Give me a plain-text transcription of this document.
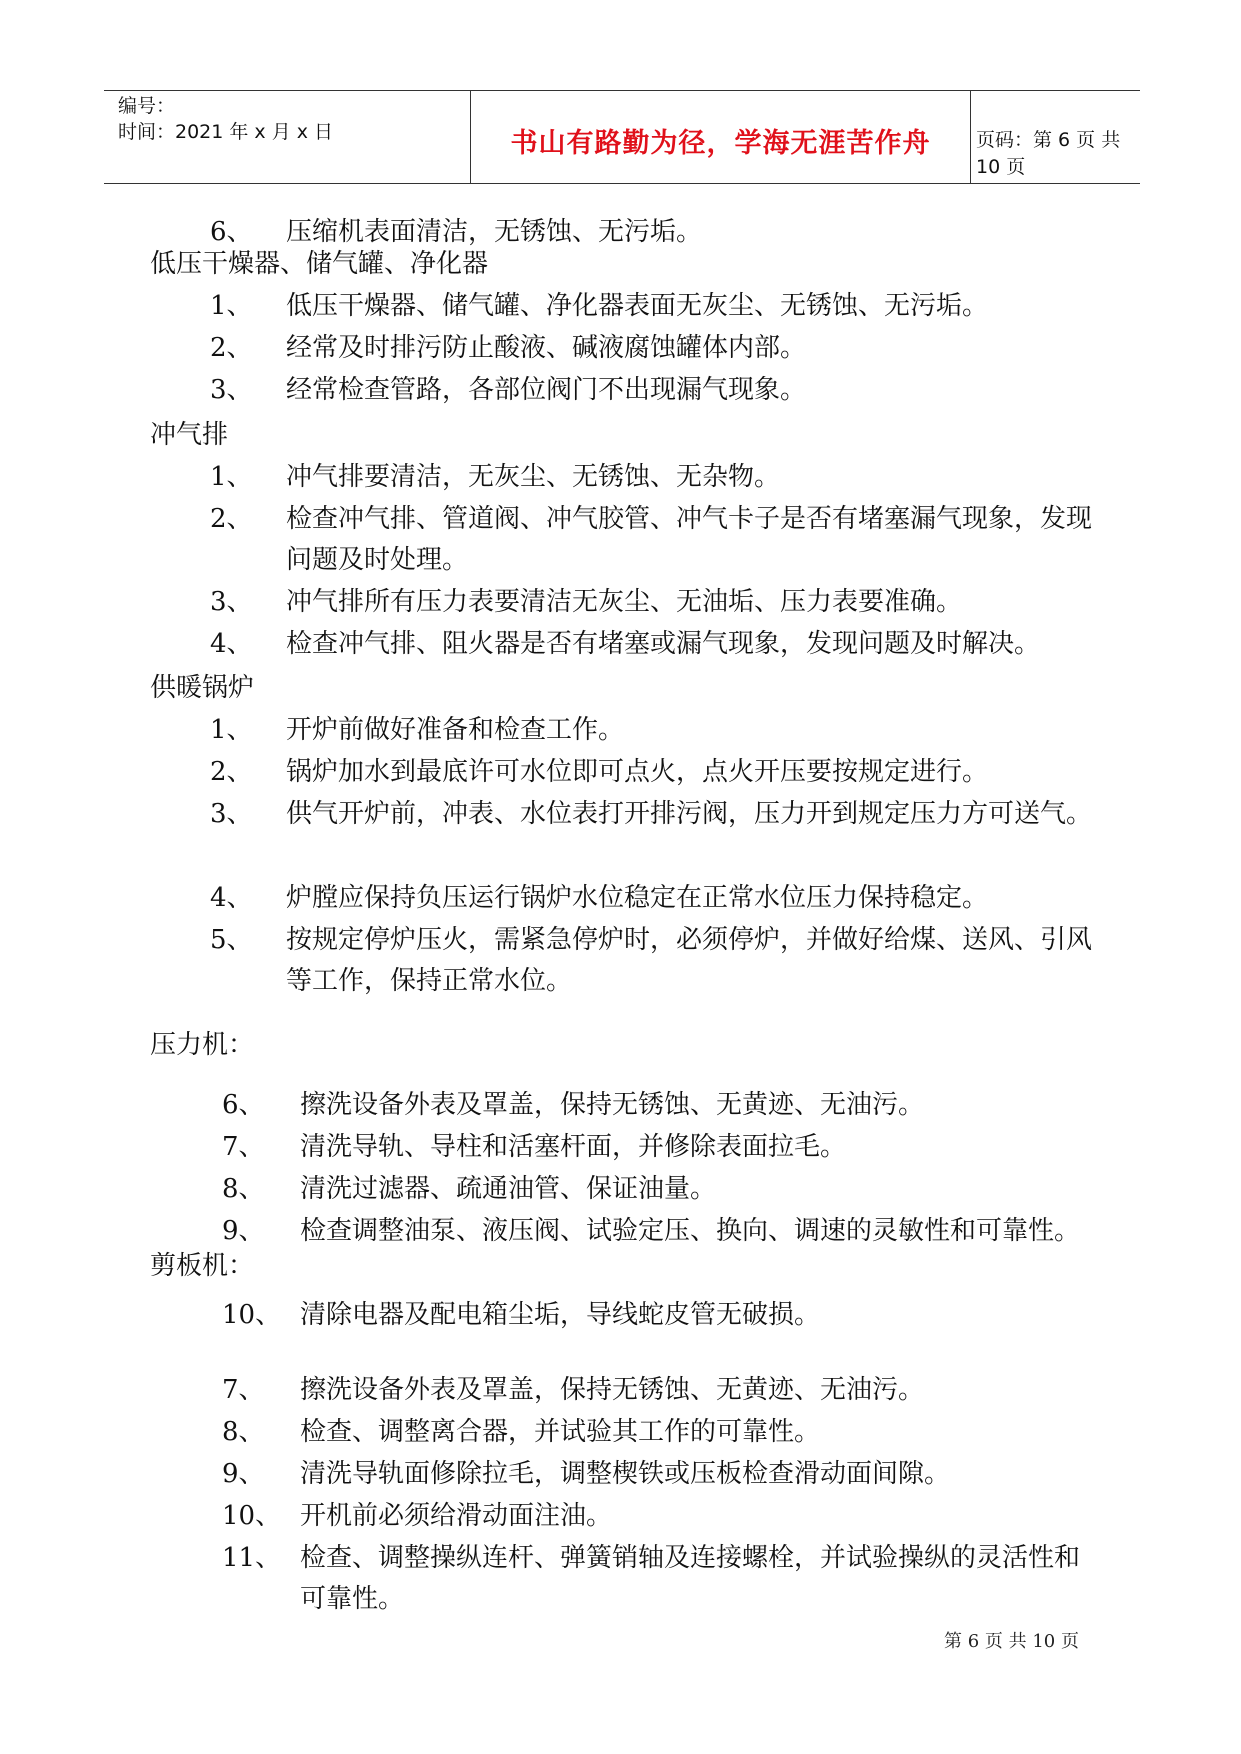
编号：
时间：2021 年 x 月 x 日	书山有路勤为径，学海无涯苦作舟	页码：第 6 页 共 10 页
6、 压缩机表面清洁，无锈蚀、无污垢。
低压干燥器、储气罐、净化器
1、 低压干燥器、储气罐、净化器表面无灰尘、无锈蚀、无污垢。
2、 经常及时排污防止酸液、碱液腐蚀罐体内部。
3、 经常检查管路，各部位阀门不出现漏气现象。
冲气排
1、 冲气排要清洁，无灰尘、无锈蚀、无杂物。
2、 检查冲气排、管道阀、冲气胶管、冲气卡子是否有堵塞漏气现象，发现问题及时处理。
3、 冲气排所有压力表要清洁无灰尘、无油垢、压力表要准确。
4、 检查冲气排、阻火器是否有堵塞或漏气现象，发现问题及时解决。
供暖锅炉
1、 开炉前做好准备和检查工作。
2、 锅炉加水到最底许可水位即可点火，点火开压要按规定进行。
3、 供气开炉前，冲表、水位表打开排污阀，压力开到规定压力方可送气。
4、 炉膛应保持负压运行锅炉水位稳定在正常水位压力保持稳定。
5、 按规定停炉压火，需紧急停炉时，必须停炉，并做好给煤、送风、引风等工作，保持正常水位。
压力机：
6、 擦洗设备外表及罩盖，保持无锈蚀、无黄迹、无油污。
7、 清洗导轨、导柱和活塞杆面，并修除表面拉毛。
8、 清洗过滤器、疏通油管、保证油量。
9、 检查调整油泵、液压阀、试验定压、换向、调速的灵敏性和可靠性。
10、 清除电器及配电箱尘垢，导线蛇皮管无破损。
剪板机：
7、 擦洗设备外表及罩盖，保持无锈蚀、无黄迹、无油污。
8、 检查、调整离合器，并试验其工作的可靠性。
9、 清洗导轨面修除拉毛，调整楔铁或压板检查滑动面间隙。
10、 开机前必须给滑动面注油。
11、 检查、调整操纵连杆、弹簧销轴及连接螺栓，并试验操纵的灵活性和可靠性。
第 6 页 共 10 页
